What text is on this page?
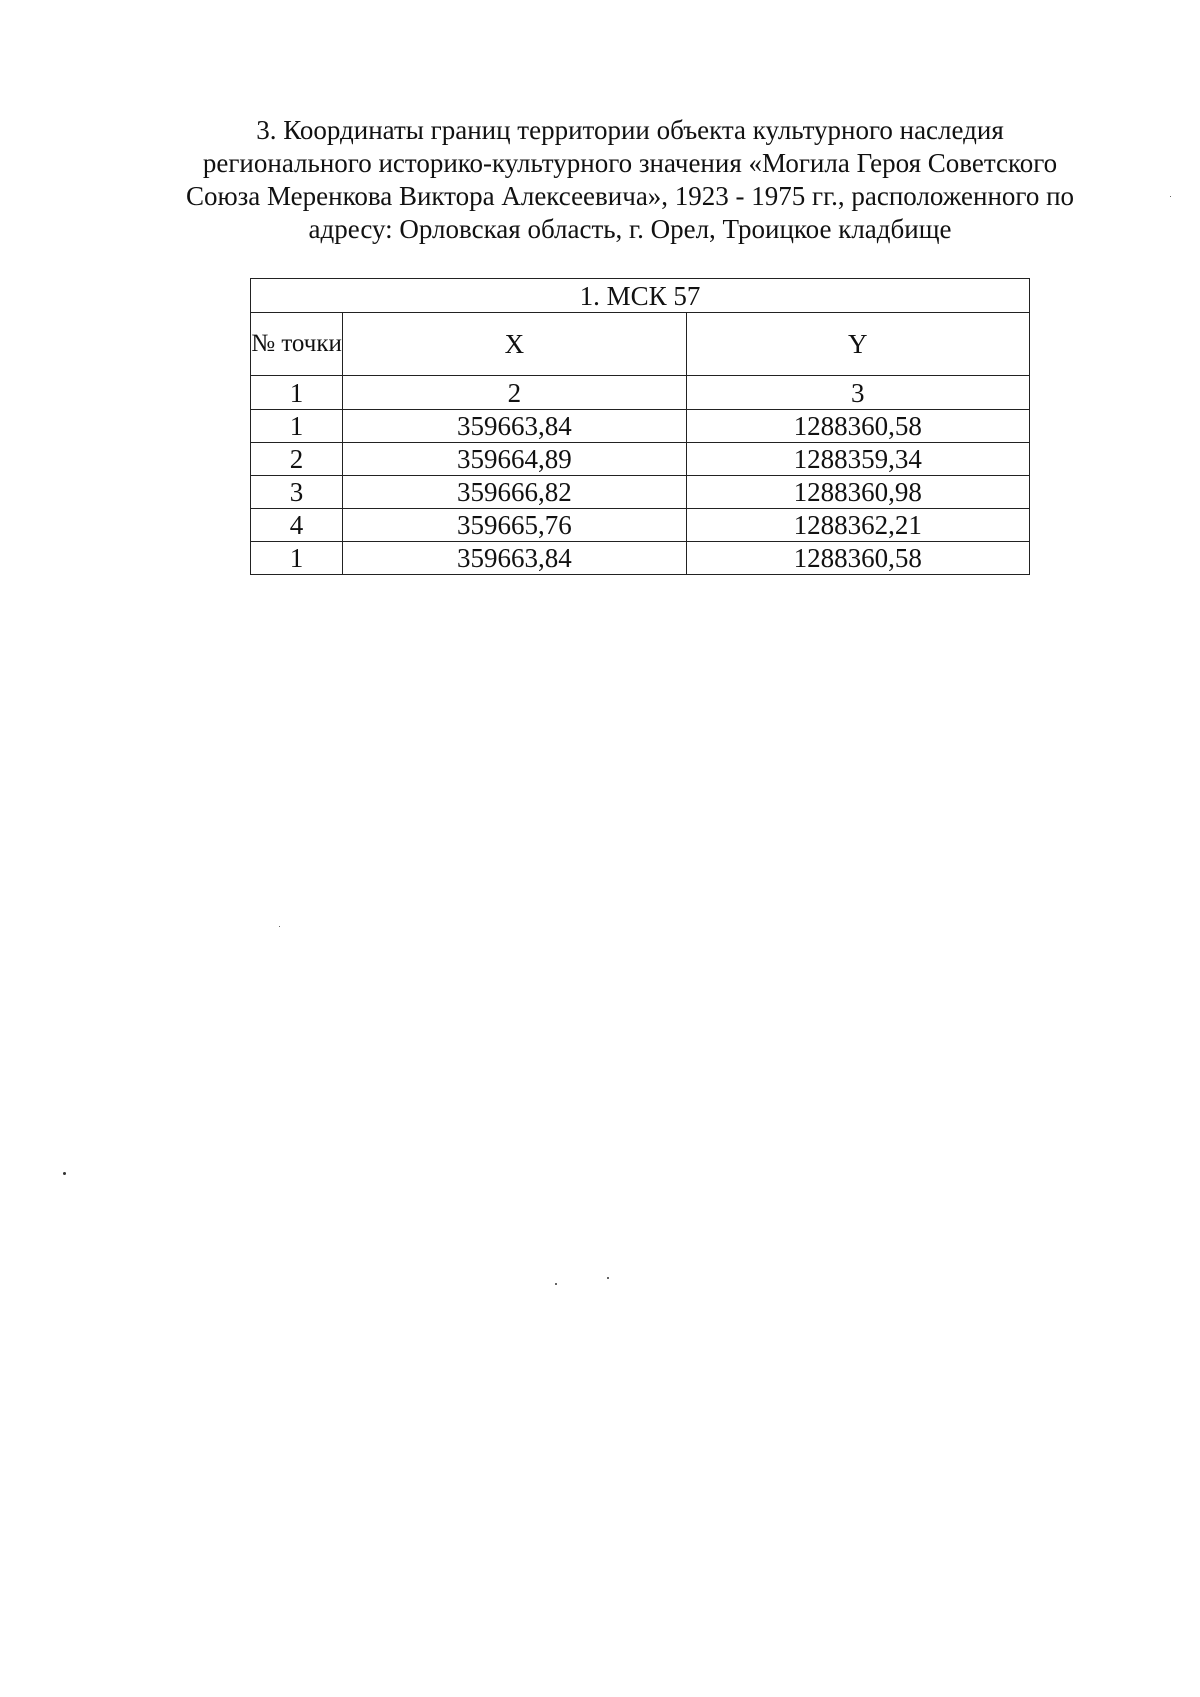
3. Координаты границ территории объекта культурного наследия
регионального историко-культурного значения «Могила Героя Советского
Союза Меренкова Виктора Алексеевича», 1923 - 1975 гг., расположенного по
адресу: Орловская область, г. Орел, Троицкое кладбище
1. МСК 57		
№ точки	X	Y
1	2	3
1	359663,84	1288360,58
2	359664,89	1288359,34
3	359666,82	1288360,98
4	359665,76	1288362,21
1	359663,84	1288360,58
